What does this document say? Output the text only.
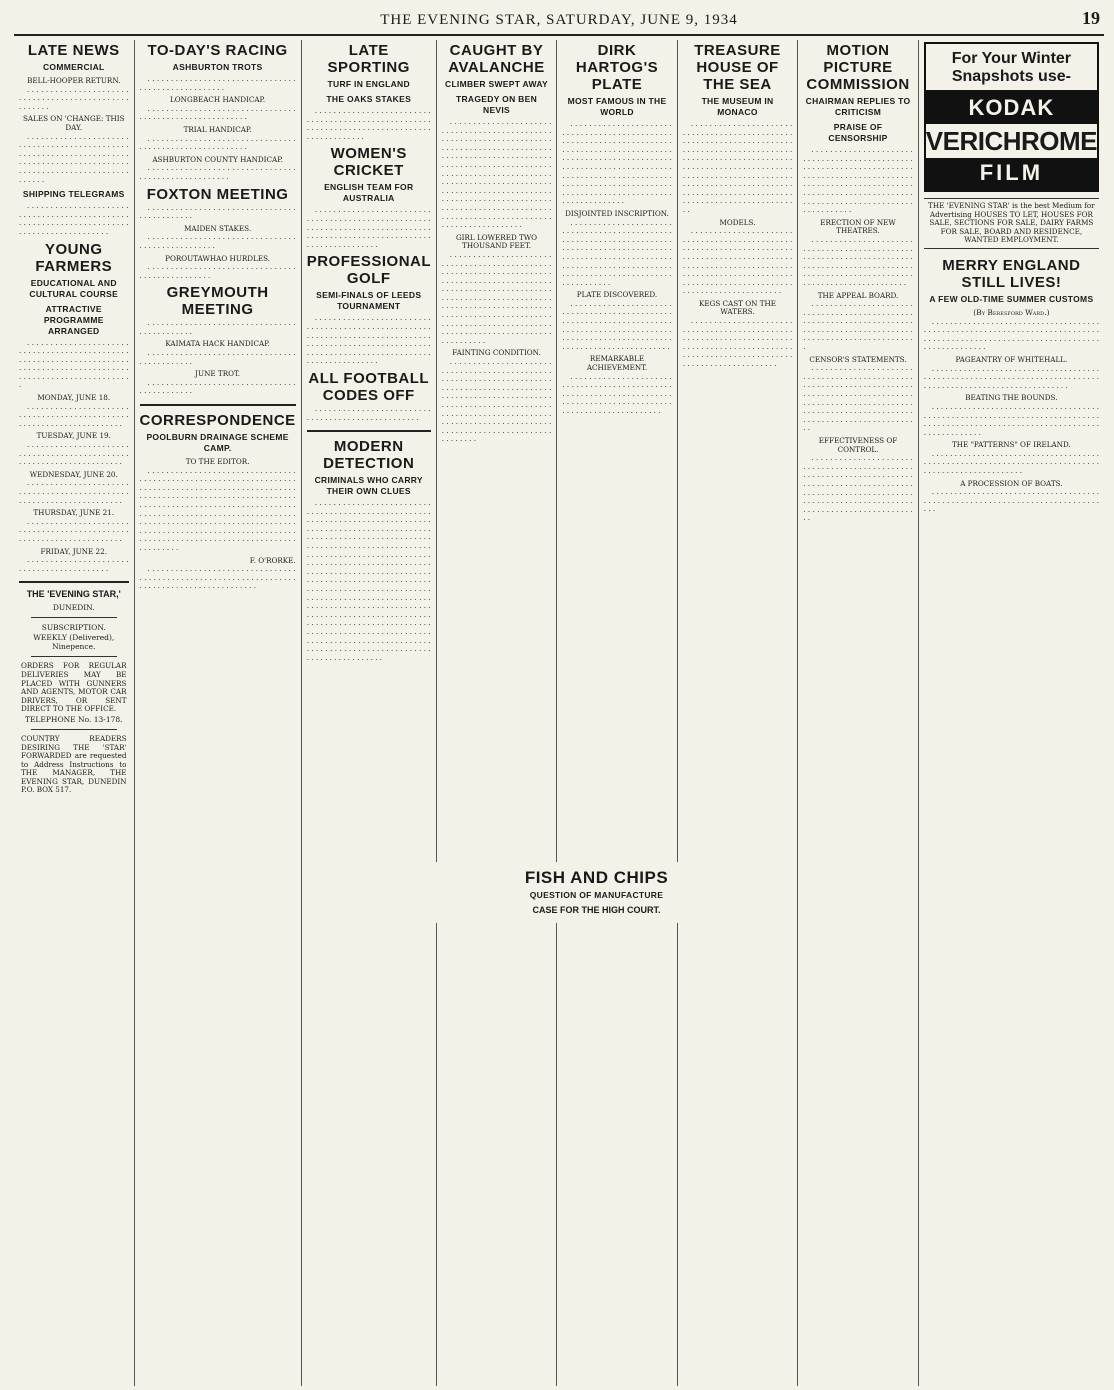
THE EVENING STAR, SATURDAY, JUNE 9, 1934	19
LATE NEWS
COMMERCIAL
BELL-HOOPER RETURN.

· · · · · · · · · · · · · · · · · · · · · · · · · · · · · · · · · · · · · · · · · · · · · · · · · · · · ·

SALES ON 'CHANGE: THIS DAY.

· · · · · · · · · · · · · · · · · · · · · · · · · · · · · · · · · · · · · · · · · · · · · · · · · · · · · · · · · · · · · · · · · · · · · · · · · · · · · · · · · · · · · · · · · · · · · · · · · · · · · · · · · · · · · · · · · · · · · · · · · · · ·

SHIPPING TELEGRAMS

· · · · · · · · · · · · · · · · · · · · · · · · · · · · · · · · · · · · · · · · · · · · · · · · · · · · · · · · · · · · · · · · · · · · · · · · · · · · · · · · · · · · · · · · · ·

YOUNG FARMERS
EDUCATIONAL AND CULTURAL COURSE
ATTRACTIVE PROGRAMME ARRANGED

· · · · · · · · · · · · · · · · · · · · · · · · · · · · · · · · · · · · · · · · · · · · · · · · · · · · · · · · · · · · · · · · · · · · · · · · · · · · · · · · · · · · · · · · · · · · · · · · · · · · · · · · · · · · · · · · · · · · · · ·

MONDAY, JUNE 18.

· · · · · · · · · · · · · · · · · · · · · · · · · · · · · · · · · · · · · · · · · · · · · · · · · · · · · · · · · · · · · · · · · · · · ·

TUESDAY, JUNE 19.

· · · · · · · · · · · · · · · · · · · · · · · · · · · · · · · · · · · · · · · · · · · · · · · · · · · · · · · · · · · · · · · · · · · · ·

WEDNESDAY, JUNE 20.

· · · · · · · · · · · · · · · · · · · · · · · · · · · · · · · · · · · · · · · · · · · · · · · · · · · · · · · · · · · · · · · · · · · · ·

THURSDAY, JUNE 21.

· · · · · · · · · · · · · · · · · · · · · · · · · · · · · · · · · · · · · · · · · · · · · · · · · · · · · · · · · · · · · · · · · · · · ·

FRIDAY, JUNE 22.

· · · · · · · · · · · · · · · · · · · · · · · · · · · · · · · · · · · · · · · · · ·

THE 'EVENING STAR,'
DUNEDIN.
SUBSCRIPTION.
WEEKLY (Delivered), Ninepence.

ORDERS FOR REGULAR DELIVERIES MAY BE PLACED WITH GUNNERS AND AGENTS, MOTOR CAR DRIVERS, OR SENT DIRECT TO THE OFFICE.

TELEPHONE No. 13-178.

COUNTRY READERS DESIRING THE 'STAR' FORWARDED are requested to Address Instructions to THE MANAGER, THE EVENING STAR, DUNEDIN P.O. BOX 517.

TO-DAY'S RACING
ASHBURTON TROTS

· · · · · · · · · · · · · · · · · · · · · · · · · · · · · · · · · · · · · · · · · · · · · · · · · · ·

LONGBEACH HANDICAP.

· · · · · · · · · · · · · · · · · · · · · · · · · · · · · · · · · · · · · · · · · · · · · · · · · · · · · · · ·

TRIAL HANDICAP.

· · · · · · · · · · · · · · · · · · · · · · · · · · · · · · · · · · · · · · · · · · · · · · · · · · · · · · · ·

ASHBURTON COUNTY HANDICAP.

· · · · · · · · · · · · · · · · · · · · · · · · · · · · · · · · · · · · · · · · · · · · · · · · · · · ·

FOXTON MEETING

· · · · · · · · · · · · · · · · · · · · · · · · · · · · · · · · · · · · · · · · · · · ·

MAIDEN STAKES.

· · · · · · · · · · · · · · · · · · · · · · · · · · · · · · · · · · · · · · · · · · · · · · · · ·

POROUTAWHAO HURDLES.

· · · · · · · · · · · · · · · · · · · · · · · · · · · · · · · · · · · · · · · · · · · · · · · ·

GREYMOUTH MEETING

· · · · · · · · · · · · · · · · · · · · · · · · · · · · · · · · · · · · · · · · · · · ·

KAIMATA HACK HANDICAP.

· · · · · · · · · · · · · · · · · · · · · · · · · · · · · · · · · · · · · · · · · · · ·

JUNE TROT.

· · · · · · · · · · · · · · · · · · · · · · · · · · · · · · · · · · · · · · · · · · · ·

CORRESPONDENCE
POOLBURN DRAINAGE SCHEME CAMP.
TO THE EDITOR.

· · · · · · · · · · · · · · · · · · · · · · · · · · · · · · · · · · · · · · · · · · · · · · · · · · · · · · · · · · · · · · · · · · · · · · · · · · · · · · · · · · · · · · · · · · · · · · · · · · · · · · · · · · · · · · · · · · · · · · · · · · · · · · · · · · · · · · · · · · · · · · · · · · · · · · · · · · · · · · · · · · · · · · · · · · · · · · · · · · · · · · · · · · · · · · · · · · · · · · · · · · · · · · · · · · · · · · · · · · · · · · · · · · · · · · · · · · · · · · · · · · · · · · · · · · · · · · · · · · · · · · · · · · · · · · · · · · · · · · · · · · · · · · · · · · · · · · · · · · · · · · · · · · · · · · · · ·

F. O'RORKE.

· · · · · · · · · · · · · · · · · · · · · · · · · · · · · · · · · · · · · · · · · · · · · · · · · · · · · · · · · · · · · · · · · · · · · · · · · · · · · · · · · · · · · · · · · · · ·

LATE SPORTING
TURF IN ENGLAND
THE OAKS STAKES

· · · · · · · · · · · · · · · · · · · · · · · · · · · · · · · · · · · · · · · · · · · · · · · · · · · · · · · · · · · · · · · · · · · · · · · · · · · · · · · · · · · · · · · · · · · ·

WOMEN'S CRICKET
ENGLISH TEAM FOR AUSTRALIA

· · · · · · · · · · · · · · · · · · · · · · · · · · · · · · · · · · · · · · · · · · · · · · · · · · · · · · · · · · · · · · · · · · · · · · · · · · · · · · · · · · · · · · · · · · · · · · · · · · · · · · · · · · · · · · · · · · · · · · · · · ·

PROFESSIONAL GOLF
SEMI-FINALS OF LEEDS TOURNAMENT

· · · · · · · · · · · · · · · · · · · · · · · · · · · · · · · · · · · · · · · · · · · · · · · · · · · · · · · · · · · · · · · · · · · · · · · · · · · · · · · · · · · · · · · · · · · · · · · · · · · · · · · · · · · · · · · · · · · · · · · · · · · · · · · · · · · · · · · · · · · · · · · · · · · · ·

ALL FOOTBALL CODES OFF

· · · · · · · · · · · · · · · · · · · · · · · · · · · · · · · · · · · · · · · · · · · · · · · · · ·

MODERN DETECTION
CRIMINALS WHO CARRY THEIR OWN CLUES

· · · · · · · · · · · · · · · · · · · · · · · · · · · · · · · · · · · · · · · · · · · · · · · · · · · · · · · · · · · · · · · · · · · · · · · · · · · · · · · · · · · · · · · · · · · · · · · · · · · · · · · · · · · · · · · · · · · · · · · · · · · · · · · · · · · · · · · · · · · · · · · · · · · · · · · · · · · · · · · · · · · · · · · · · · · · · · · · · · · · · · · · · · · · · · · · · · · · · · · · · · · · · · · · · · · · · · · · · · · · · · · · · · · · · · · · · · · · · · · · · · · · · · · · · · · · · · · · · · · · · · · · · · · · · · · · · · · · · · · · · · · · · · · · · · · · · · · · · · · · · · · · · · · · · · · · · · · · · · · · · · · · · · · · · · · · · · · · · · · · · · · · · · · · · · · · · · · · · · · · · · · · · · · · · · · · · · · · · · · · · · · · · · · · · · · · · · · · · · · · · · · · · · · · · · · · · · · · · · · · · · · · · · · · · · · · · · · · · · · · · · · · · · · · · · · · · · · · · · · · · · · · · · · · · · · · · · · · · · · · · · · · · · · · · · · · · · · · · · · · ·

CAUGHT BY AVALANCHE
CLIMBER SWEPT AWAY
TRAGEDY ON BEN NEVIS

· · · · · · · · · · · · · · · · · · · · · · · · · · · · · · · · · · · · · · · · · · · · · · · · · · · · · · · · · · · · · · · · · · · · · · · · · · · · · · · · · · · · · · · · · · · · · · · · · · · · · · · · · · · · · · · · · · · · · · · · · · · · · · · · · · · · · · · · · · · · · · · · · · · · · · · · · · · · · · · · · · · · · · · · · · · · · · · · · · · · · · · · · · · · · · · · · · · · · · · · · · · · · · · · · · · · · · · · · · · · · · · · · · · · · · · · · · · · · · · · · · · · · · · · · · · · · · · · · · · · · · · · · · · · · · · · · · · · · · · · · · · · · · · · · · · · · · · · · · · · · · · ·

GIRL LOWERED TWO THOUSAND FEET.

· · · · · · · · · · · · · · · · · · · · · · · · · · · · · · · · · · · · · · · · · · · · · · · · · · · · · · · · · · · · · · · · · · · · · · · · · · · · · · · · · · · · · · · · · · · · · · · · · · · · · · · · · · · · · · · · · · · · · · · · · · · · · · · · · · · · · · · · · · · · · · · · · · · · · · · · · · · · · · · · · · · · · · · · · · · · · · · · · · · · · · · · · · · · · · · · · · · · · · · · · · · · · · · · · · · · · · · · · · · · · · · · · · · · · · · · · · · · · · · · · · · · · · · ·

FAINTING CONDITION.

· · · · · · · · · · · · · · · · · · · · · · · · · · · · · · · · · · · · · · · · · · · · · · · · · · · · · · · · · · · · · · · · · · · · · · · · · · · · · · · · · · · · · · · · · · · · · · · · · · · · · · · · · · · · · · · · · · · · · · · · · · · · · · · · · · · · · · · · · · · · · · · · · · · · · · · · · · · · · · · · · · · · · · · · · · · · · · · · · · · · · · · · · · · · · · · · · · · · · · · · · · · · · · · · · · · · · · · · · · · · · ·

DIRK HARTOG'S PLATE
MOST FAMOUS IN THE WORLD

· · · · · · · · · · · · · · · · · · · · · · · · · · · · · · · · · · · · · · · · · · · · · · · · · · · · · · · · · · · · · · · · · · · · · · · · · · · · · · · · · · · · · · · · · · · · · · · · · · · · · · · · · · · · · · · · · · · · · · · · · · · · · · · · · · · · · · · · · · · · · · · · · · · · · · · · · · · · · · · · · · · · · · · · · · · · · · · · · · · · · · · · · · · · · · · · · · · · · · · · · · · · · · · · · · · · · · · · · · · · · · · · · · · ·

DISJOINTED INSCRIPTION.

· · · · · · · · · · · · · · · · · · · · · · · · · · · · · · · · · · · · · · · · · · · · · · · · · · · · · · · · · · · · · · · · · · · · · · · · · · · · · · · · · · · · · · · · · · · · · · · · · · · · · · · · · · · · · · · · · · · · · · · · · · · · · · · · · · · · · · · · · · · · · · · · · · · · · · · · · · · · · · · · · · · · · · · · · · · · · · · · ·

PLATE DISCOVERED.

· · · · · · · · · · · · · · · · · · · · · · · · · · · · · · · · · · · · · · · · · · · · · · · · · · · · · · · · · · · · · · · · · · · · · · · · · · · · · · · · · · · · · · · · · · · · · · · · · · · · · · · · · · · · · · · · · · · · · · · · · · · · · · · · · · · · · · · · · · · · · ·

REMARKABLE ACHIEVEMENT.

· · · · · · · · · · · · · · · · · · · · · · · · · · · · · · · · · · · · · · · · · · · · · · · · · · · · · · · · · · · · · · · · · · · · · · · · · · · · · · · · · · · · · · · · · · · · · · · · · · · · · · · · · · · · · · · · · · · ·

TREASURE HOUSE OF THE SEA
THE MUSEUM IN MONACO

· · · · · · · · · · · · · · · · · · · · · · · · · · · · · · · · · · · · · · · · · · · · · · · · · · · · · · · · · · · · · · · · · · · · · · · · · · · · · · · · · · · · · · · · · · · · · · · · · · · · · · · · · · · · · · · · · · · · · · · · · · · · · · · · · · · · · · · · · · · · · · · · · · · · · · · · · · · · · · · · · · · · · · · · · · · · · · · · · · · · · · · · · · · · · · · · · · · · · · · · · · · · · · · · · · · · · · · · · · · · · · · · · · · · · · · · · · · · · · · ·

MODELS.

· · · · · · · · · · · · · · · · · · · · · · · · · · · · · · · · · · · · · · · · · · · · · · · · · · · · · · · · · · · · · · · · · · · · · · · · · · · · · · · · · · · · · · · · · · · · · · · · · · · · · · · · · · · · · · · · · · · · · · · · · · · · · · · · · · · · · · · · · · · · · · · · · · · · · · · · · · · · · · · · · · · · · · · · · · · · · · · · · · · · · · · · · · · ·

KEGS CAST ON THE WATERS.

· · · · · · · · · · · · · · · · · · · · · · · · · · · · · · · · · · · · · · · · · · · · · · · · · · · · · · · · · · · · · · · · · · · · · · · · · · · · · · · · · · · · · · · · · · · · · · · · · · · · · · · · · · · · · · · · · · · · · · · · · · · · · · · · · · · · · · · · · · ·

MOTION PICTURE COMMISSION
CHAIRMAN REPLIES TO CRITICISM
PRAISE OF CENSORSHIP

· · · · · · · · · · · · · · · · · · · · · · · · · · · · · · · · · · · · · · · · · · · · · · · · · · · · · · · · · · · · · · · · · · · · · · · · · · · · · · · · · · · · · · · · · · · · · · · · · · · · · · · · · · · · · · · · · · · · · · · · · · · · · · · · · · · · · · · · · · · · · · · · · · · · · · · · · · · · · · · · · · · · · · · · · · · · · · · · ·

ERECTION OF NEW THEATRES.

· · · · · · · · · · · · · · · · · · · · · · · · · · · · · · · · · · · · · · · · · · · · · · · · · · · · · · · · · · · · · · · · · · · · · · · · · · · · · · · · · · · · · · · · · · · · · · · · · · · · · · · · · · · · · · · · · · · · · · · · · · · · · · · · · · · · · · · · · · · · ·

THE APPEAL BOARD.

· · · · · · · · · · · · · · · · · · · · · · · · · · · · · · · · · · · · · · · · · · · · · · · · · · · · · · · · · · · · · · · · · · · · · · · · · · · · · · · · · · · · · · · · · · · · · · · · · · · · · · · · · · · · · · · · · · · · · · ·

CENSOR'S STATEMENTS.

· · · · · · · · · · · · · · · · · · · · · · · · · · · · · · · · · · · · · · · · · · · · · · · · · · · · · · · · · · · · · · · · · · · · · · · · · · · · · · · · · · · · · · · · · · · · · · · · · · · · · · · · · · · · · · · · · · · · · · · · · · · · · · · · · · · · · · · · · · · · · · · · · · · · · · · · · · · · · · · · · · · · · · · ·

EFFECTIVENESS OF CONTROL.

· · · · · · · · · · · · · · · · · · · · · · · · · · · · · · · · · · · · · · · · · · · · · · · · · · · · · · · · · · · · · · · · · · · · · · · · · · · · · · · · · · · · · · · · · · · · · · · · · · · · · · · · · · · · · · · · · · · · · · · · · · · · · · · · · · · · · · · · · · · · · · · · · · · · · · · · · · · · · · · · · · · · · · · ·

For Your Winter Snapshots use-
KODAK
VERICHROME
FILM
THE 'EVENING STAR' is the best Medium for Advertising HOUSES TO LET, HOUSES FOR SALE, SECTIONS FOR SALE, DAIRY FARMS FOR SALE, BOARD AND RESIDENCE, WANTED EMPLOYMENT.
MERRY ENGLAND STILL LIVES!
A FEW OLD-TIME SUMMER CUSTOMS
(By Beresford Ward.)

· · · · · · · · · · · · · · · · · · · · · · · · · · · · · · · · · · · · · · · · · · · · · · · · · · · · · · · · · · · · · · · · · · · · · · · · · · · · · · · · · · · · · · · · · · · · · · · · · · · · · · · · · · · · · · · · · · · · · · · · · · · · · · ·

PAGEANTRY OF WHITEHALL.

· · · · · · · · · · · · · · · · · · · · · · · · · · · · · · · · · · · · · · · · · · · · · · · · · · · · · · · · · · · · · · · · · · · · · · · · · · · · · · · · · · · · · · · · · · · · · · · · · · · · · · · · · · ·

BEATING THE BOUNDS.

· · · · · · · · · · · · · · · · · · · · · · · · · · · · · · · · · · · · · · · · · · · · · · · · · · · · · · · · · · · · · · · · · · · · · · · · · · · · · · · · · · · · · · · · · · · · · · · · · · · · · · · · · · · · · · · · · · · · · · · · · · · · · ·

THE "PATTERNS" OF IRELAND.

· · · · · · · · · · · · · · · · · · · · · · · · · · · · · · · · · · · · · · · · · · · · · · · · · · · · · · · · · · · · · · · · · · · · · · · · · · · · · · · · · · · · · · · · · · · · · · · · ·

A PROCESSION OF BOATS.

· · · · · · · · · · · · · · · · · · · · · · · · · · · · · · · · · · · · · · · · · · · · · · · · · · · · · · · · · · · · · · · · · · · · · · · · · · · · · ·

FISH AND CHIPS
QUESTION OF MANUFACTURE
CASE FOR THE HIGH COURT.
